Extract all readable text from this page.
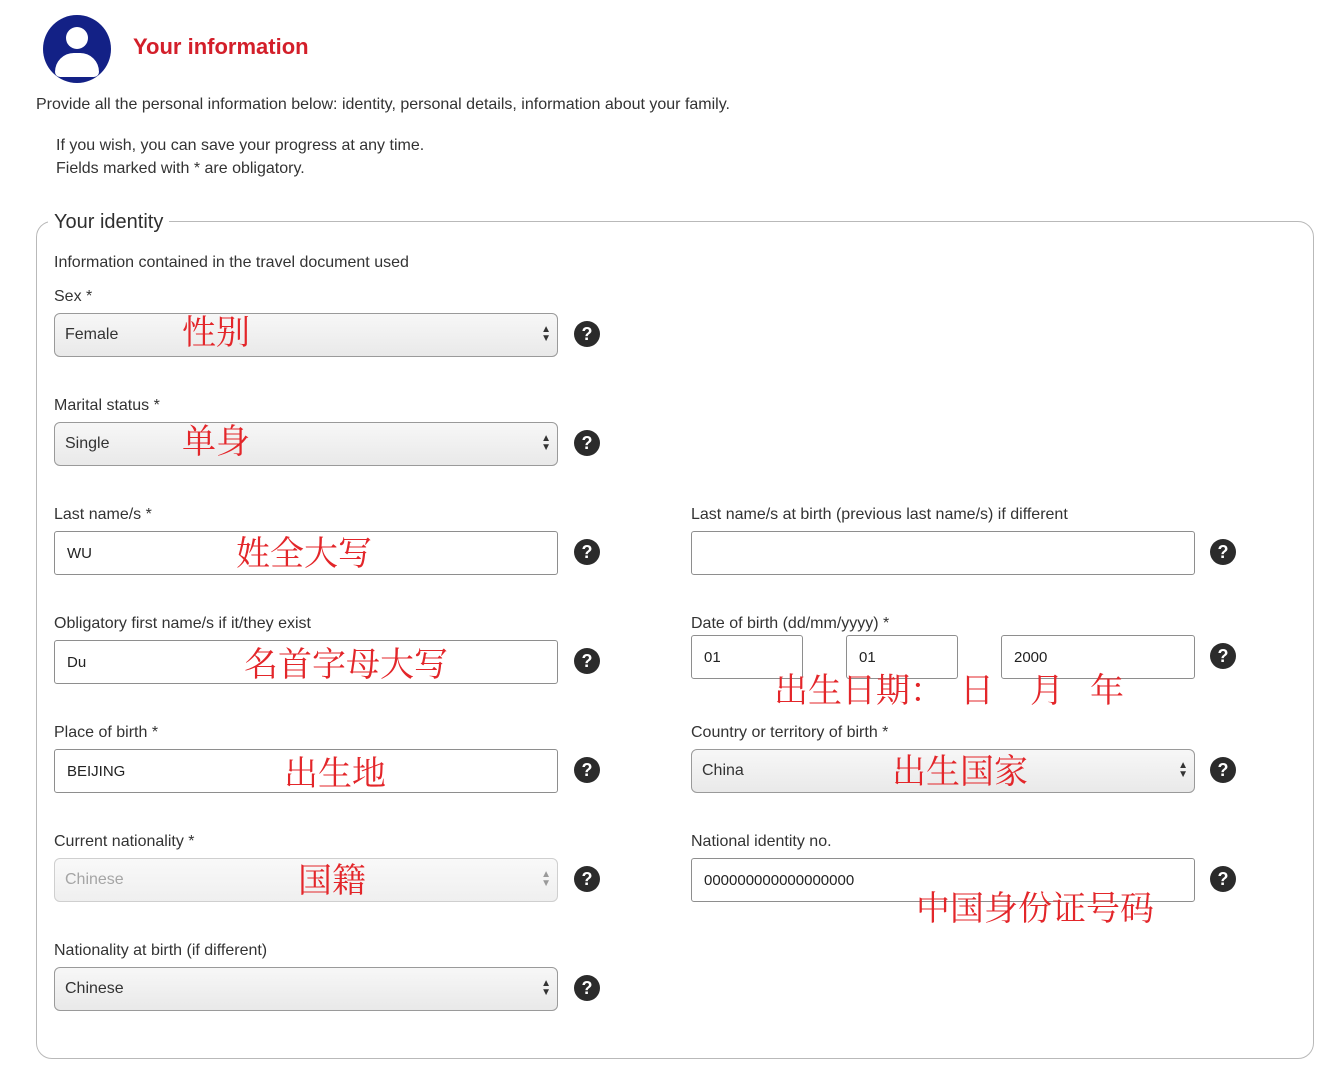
Your information
Provide all the personal information below: identity, personal details, information about your family.
If you wish, you can save your progress at any time.
Fields marked with * are obligatory.
Your identity
Information contained in the travel document used
Sex *
Female	▲
▼
性别	?
Marital status *
Single	▲
▼
单身	?
Last name/s *
WU	姓全大写	?
Last name/s at birth (previous last name/s) if different
?
Obligatory first name/s if it/they exist
Du	名首字母大写	?
Date of birth (dd/mm/yyyy) *
01	01	2000
出生日期： 日 月 年
?
Place of birth *
BEIJING	出生地	?
Country or territory of birth *
China	▲
▼
出生国家	?
Current nationality *
Chinese	▲
▼
国籍	?
National identity no.
000000000000000000
中国身份证号码
?
Nationality at birth (if different)
Chinese	▲
▼	?
